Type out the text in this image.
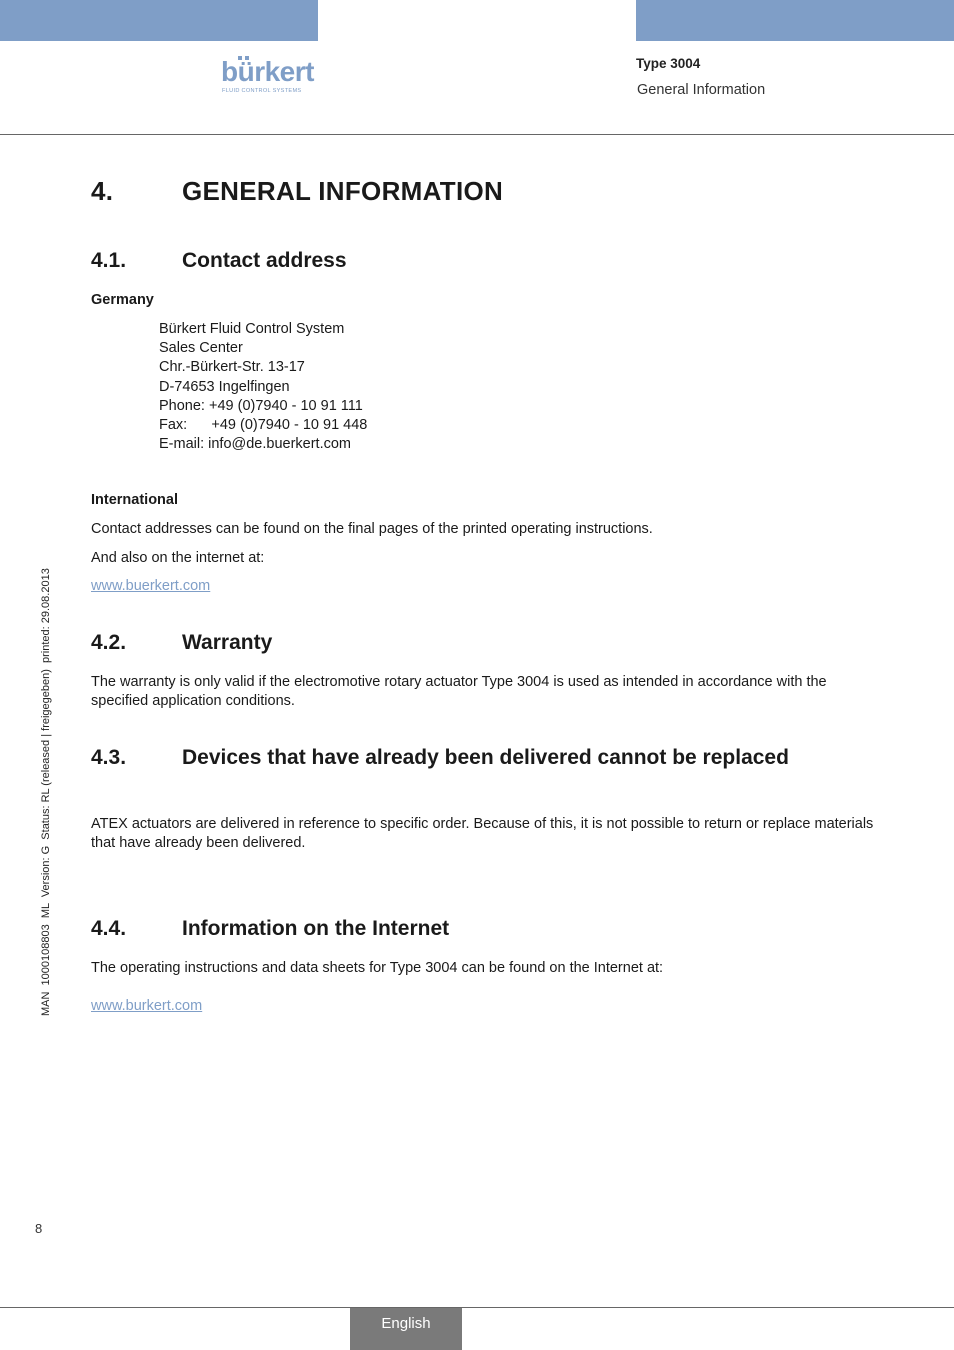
bürkert
FLUID CONTROL SYSTEMS
Type 3004
General Information
4.	GENERAL INFORMATION
4.1.	Contact address
Germany
Bürkert Fluid Control System
Sales Center
Chr.-Bürkert-Str. 13-17
D-74653 Ingelfingen
Phone: +49 (0)7940 - 10 91 111
Fax:      +49 (0)7940 - 10 91 448
E-mail: info@de.buerkert.com
International
Contact addresses can be found on the final pages of the printed operating instructions.
And also on the internet at:
www.buerkert.com
4.2.	Warranty
The warranty is only valid if the electromotive rotary actuator Type 3004 is used as intended in accordance with the specified application conditions.
4.3.	Devices that have already been delivered cannot be replaced
ATEX actuators are delivered in reference to specific order. Because of this, it is not possible to return or replace materials that have already been delivered.
4.4.	Information on the Internet
The operating instructions and data sheets for Type 3004 can be found on the Internet at:
www.burkert.com
MAN  1000108803  ML  Version: G  Status: RL (released | freigegeben)  printed: 29.08.2013
8
English
